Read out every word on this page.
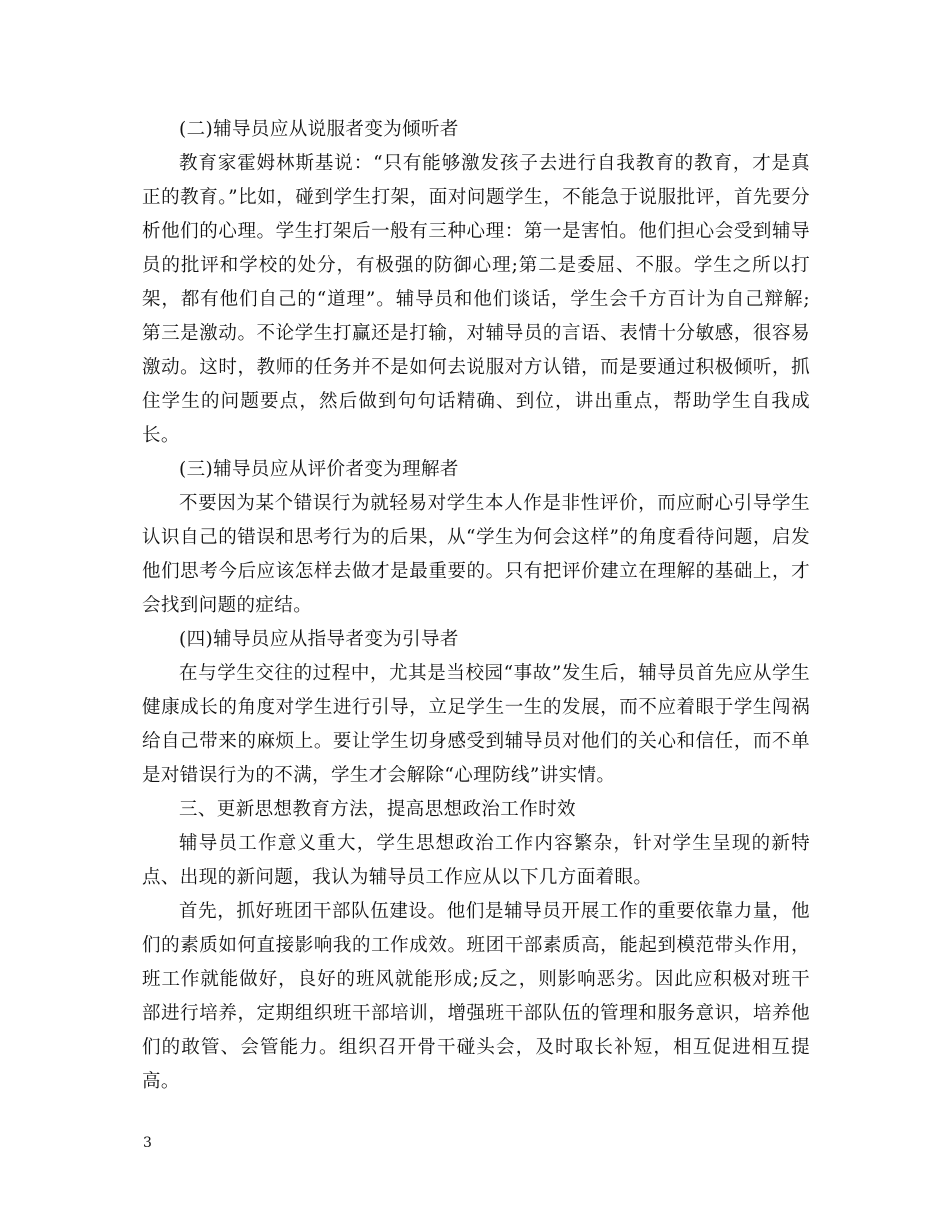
(二)辅导员应从说服者变为倾听者

教育家霍姆林斯基说：“只有能够激发孩子去进行自我教育的教育，才是真正的教育。”比如，碰到学生打架，面对问题学生，不能急于说服批评，首先要分析他们的心理。学生打架后一般有三种心理：第一是害怕。他们担心会受到辅导员的批评和学校的处分，有极强的防御心理;第二是委屈、不服。学生之所以打架，都有他们自己的“道理”。辅导员和他们谈话，学生会千方百计为自己辩解;第三是激动。不论学生打赢还是打输，对辅导员的言语、表情十分敏感，很容易激动。这时，教师的任务并不是如何去说服对方认错，而是要通过积极倾听，抓住学生的问题要点，然后做到句句话精确、到位，讲出重点，帮助学生自我成长。

(三)辅导员应从评价者变为理解者

不要因为某个错误行为就轻易对学生本人作是非性评价，而应耐心引导学生认识自己的错误和思考行为的后果，从“学生为何会这样”的角度看待问题，启发他们思考今后应该怎样去做才是最重要的。只有把评价建立在理解的基础上，才会找到问题的症结。

(四)辅导员应从指导者变为引导者

在与学生交往的过程中，尤其是当校园“事故”发生后，辅导员首先应从学生健康成长的角度对学生进行引导，立足学生一生的发展，而不应着眼于学生闯祸给自己带来的麻烦上。要让学生切身感受到辅导员对他们的关心和信任，而不单是对错误行为的不满，学生才会解除“心理防线”讲实情。

三、更新思想教育方法，提高思想政治工作时效

辅导员工作意义重大，学生思想政治工作内容繁杂，针对学生呈现的新特点、出现的新问题，我认为辅导员工作应从以下几方面着眼。

首先，抓好班团干部队伍建设。他们是辅导员开展工作的重要依靠力量，他们的素质如何直接影响我的工作成效。班团干部素质高，能起到模范带头作用，班工作就能做好，良好的班风就能形成;反之，则影响恶劣。因此应积极对班干部进行培养，定期组织班干部培训，增强班干部队伍的管理和服务意识，培养他们的敢管、会管能力。组织召开骨干碰头会，及时取长补短，相互促进相互提高。

3
